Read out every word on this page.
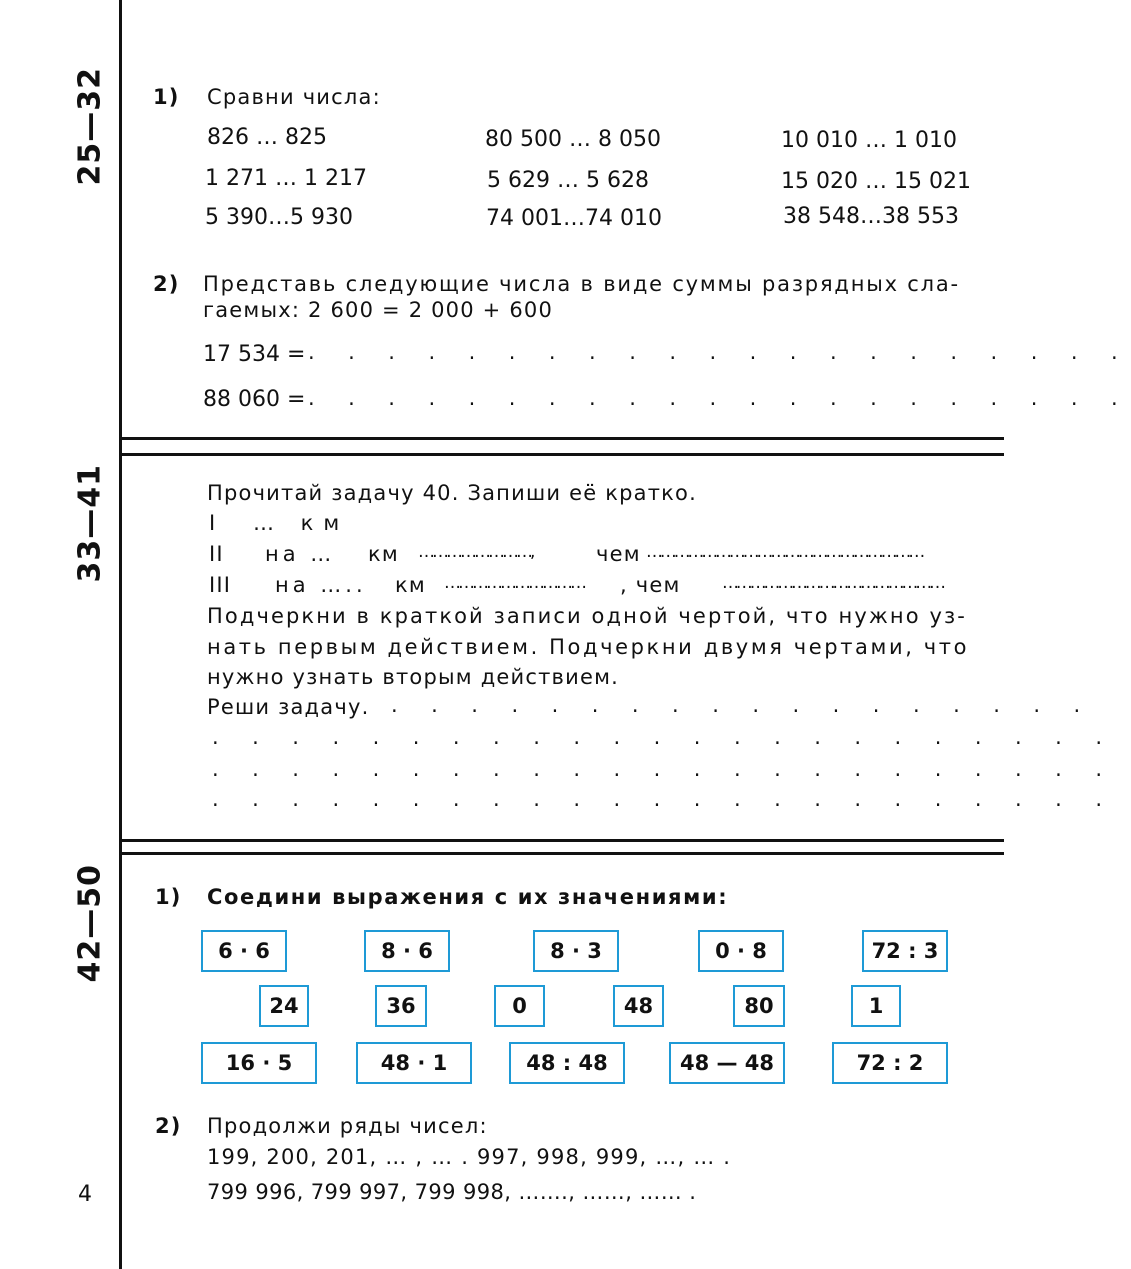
25—32
33—41
42—50
4
1) Сравни числа:
826 … 825	80 500 … 8 050	10 010 … 1 010
1 271 … 1 217	5 629 … 5 628	15 020 … 15 021
5 390…5 930	74 001…74 010	38 548…38 553
2) Представь следующие числа в виде суммы разрядных сла-
гаемых: 2 600 = 2 000 + 600
17 534 = . . . . . . . . . . . . . . . . . . . . .
88 060 = . . . . . . . . . . . . . . . . . . . . .
Прочитай задачу 40. Запиши её кратко.
I … км
II на … км ……………………,	чем ……………………………………………………
III на ….. км ………………………… , чем …………………………………………
Подчеркни в краткой записи одной чертой, что нужно уз-
нать первым действием. Подчеркни двумя чертами, что
нужно узнать вторым действием.
Реши задачу. . . . . . . . . . . . . . . . . . .
. . . . . . . . . . . . . . . . . . . . . . .
. . . . . . . . . . . . . . . . . . . . . . .
. . . . . . . . . . . . . . . . . . . . . . .
1) Соедини выражения с их значениями:
6 · 6	8 · 6	8 · 3	0 · 8	72 : 3
24	36	0	48	80	1
16 · 5	48 · 1	48 : 48	48 — 48	72 : 2
2) Продолжи ряды чисел:
199, 200, 201, … , … . 997, 998, 999, …, … .
799 996, 799 997, 799 998, ……., ……, …… .
